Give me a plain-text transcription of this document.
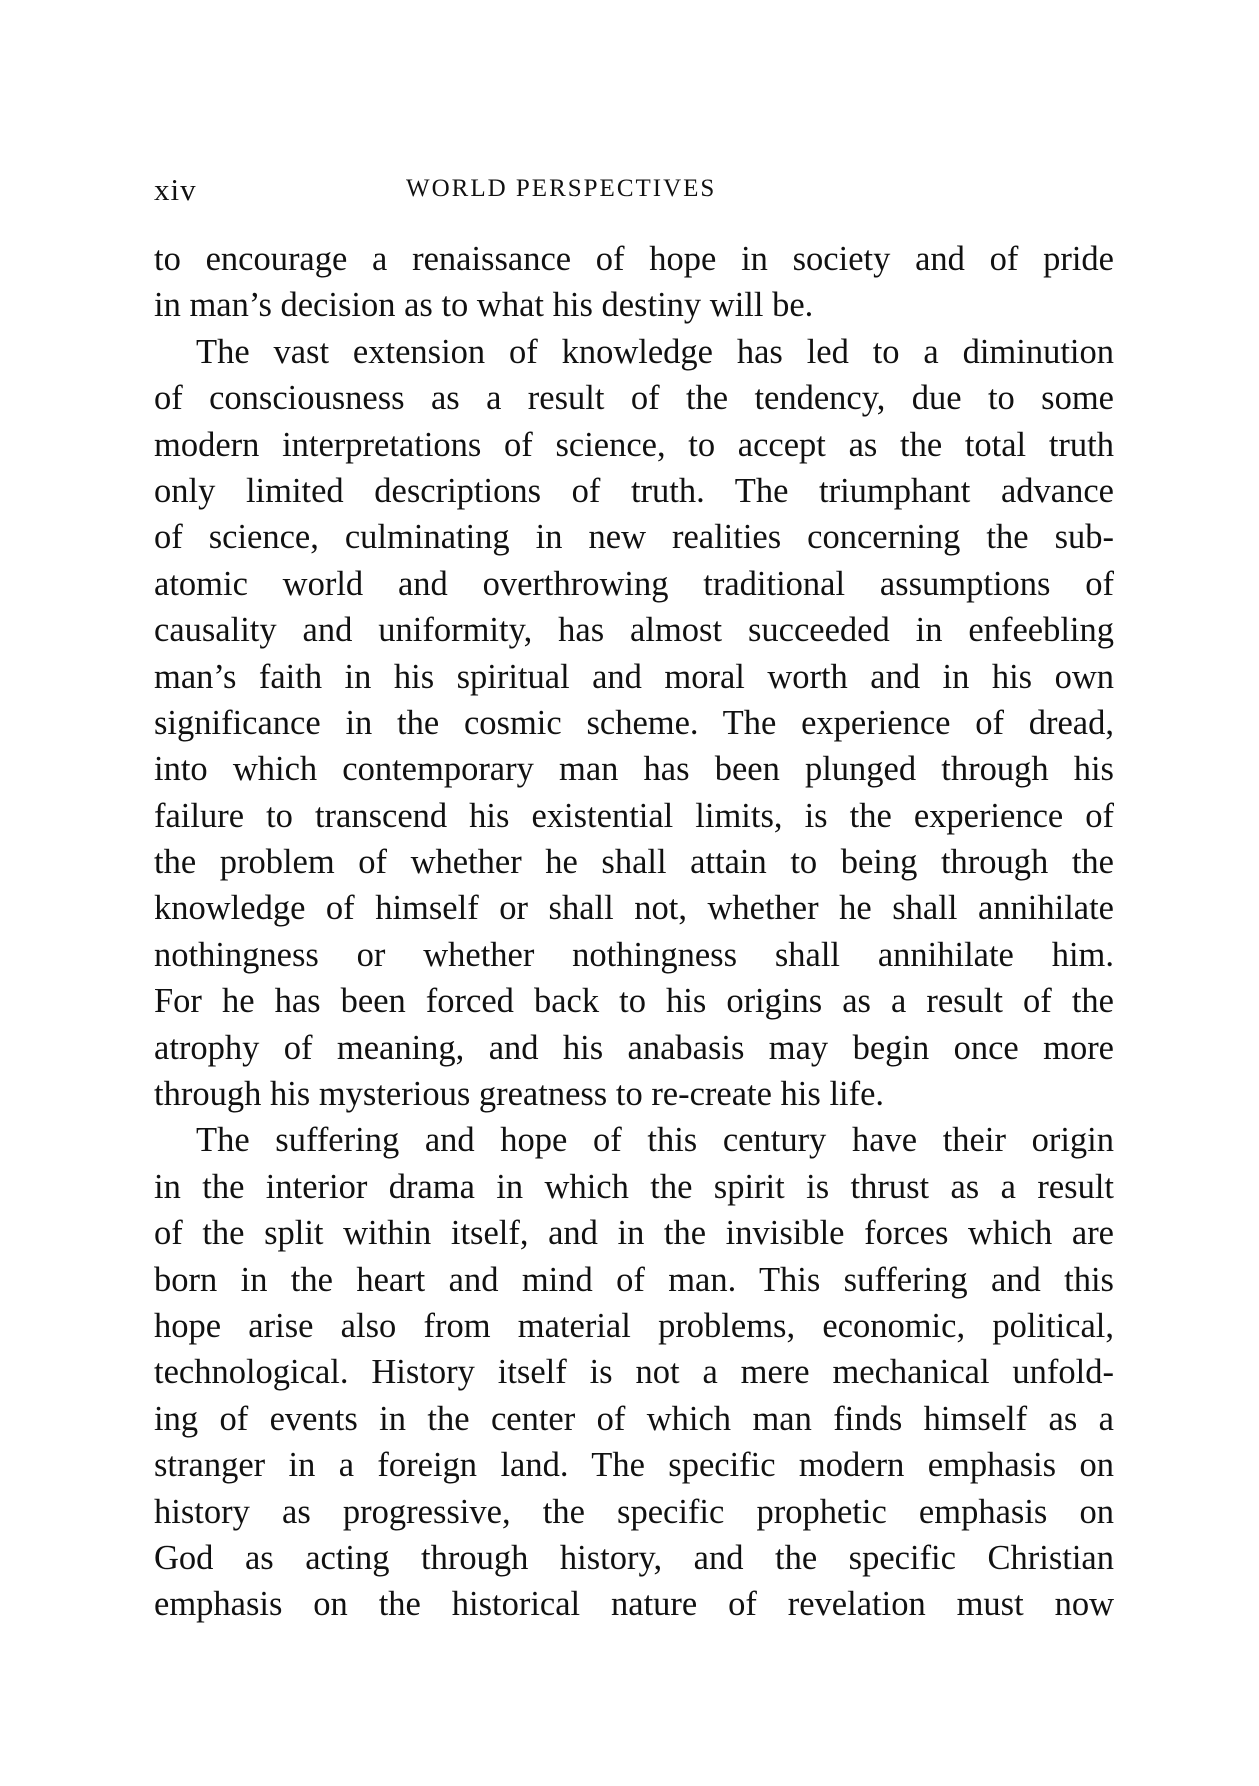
xiv	WORLD PERSPECTIVES
to encourage a renaissance of hope in society and of pride
in man’s decision as to what his destiny will be.
The vast extension of knowledge has led to a diminution
of consciousness as a result of the tendency, due to some
modern interpretations of science, to accept as the total truth
only limited descriptions of truth. The triumphant advance
of science, culminating in new realities concerning the sub-
atomic world and overthrowing traditional assumptions of
causality and uniformity, has almost succeeded in enfeebling
man’s faith in his spiritual and moral worth and in his own
significance in the cosmic scheme. The experience of dread,
into which contemporary man has been plunged through his
failure to transcend his existential limits, is the experience of
the problem of whether he shall attain to being through the
knowledge of himself or shall not, whether he shall annihilate
nothingness or whether nothingness shall annihilate him.
For he has been forced back to his origins as a result of the
atrophy of meaning, and his anabasis may begin once more
through his mysterious greatness to re-create his life.
The suffering and hope of this century have their origin
in the interior drama in which the spirit is thrust as a result
of the split within itself, and in the invisible forces which are
born in the heart and mind of man. This suffering and this
hope arise also from material problems, economic, political,
technological. History itself is not a mere mechanical unfold-
ing of events in the center of which man finds himself as a
stranger in a foreign land. The specific modern emphasis on
history as progressive, the specific prophetic emphasis on
God as acting through history, and the specific Christian
emphasis on the historical nature of revelation must now
